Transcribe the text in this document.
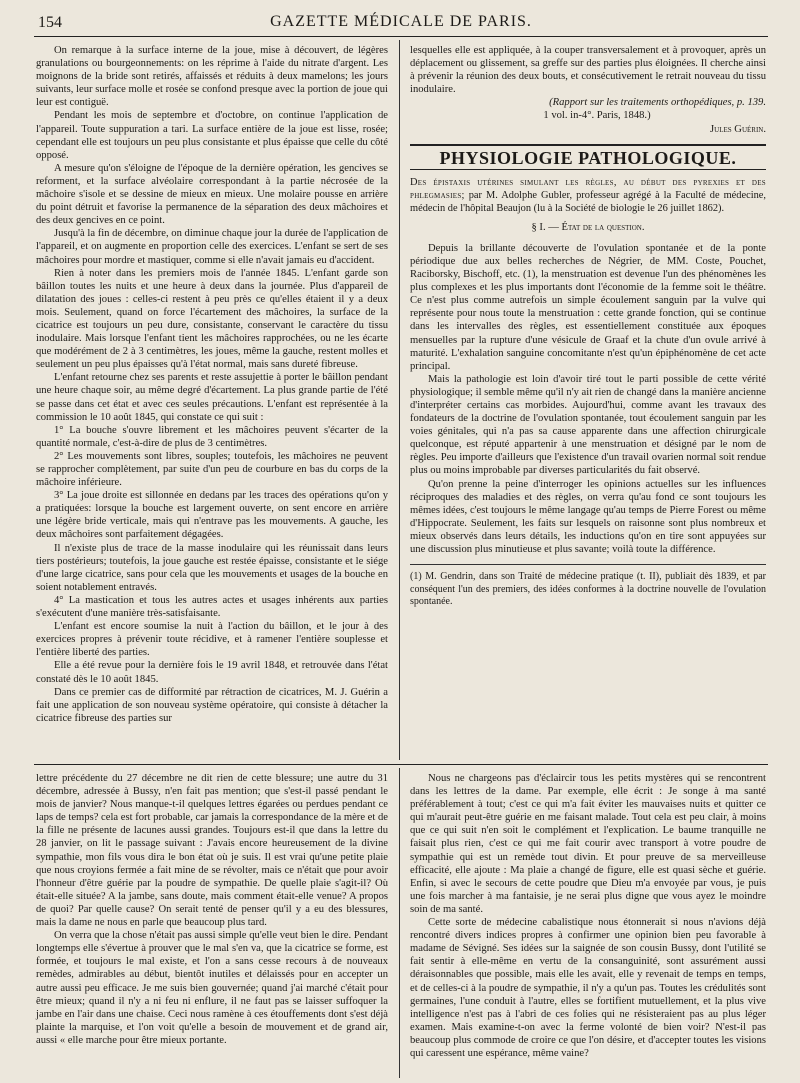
154	GAZETTE MÉDICALE DE PARIS.

On remarque à la surface interne de la joue, mise à découvert, de légères granulations ou bourgeonnements: on les réprime à l'aide du nitrate d'argent. Les moignons de la bride sont retirés, affaissés et réduits à deux mamelons; les jours suivants, leur surface molle et rosée se confond presque avec la portion de joue qui leur est contiguë.

Pendant les mois de septembre et d'octobre, on continue l'application de l'appareil. Toute suppuration a tari. La surface entière de la joue est lisse, rosée; cependant elle est toujours un peu plus consistante et plus épaisse que celle du côté opposé.

A mesure qu'on s'éloigne de l'époque de la dernière opération, les gencives se reforment, et la surface alvéolaire correspondant à la partie nécrosée de la mâchoire s'isole et se dessine de mieux en mieux. Une molaire pousse en arrière du point détruit et favorise la permanence de la séparation des deux mâchoires et des deux gencives en ce point.

Jusqu'à la fin de décembre, on diminue chaque jour la durée de l'application de l'appareil, et on augmente en proportion celle des exercices. L'enfant se sert de ses mâchoires pour mordre et mastiquer, comme si elle n'avait jamais eu d'accident.

Rien à noter dans les premiers mois de l'année 1845. L'enfant garde son bâillon toutes les nuits et une heure à deux dans la journée. Plus d'appareil de dilatation des joues : celles-ci restent à peu près ce qu'elles étaient il y a deux mois. Seulement, quand on force l'écartement des mâchoires, la surface de la cicatrice est toujours un peu dure, consistante, conservant le caractère du tissu inodulaire. Mais lorsque l'enfant tient les mâchoires rapprochées, ou ne les écarte que modérément de 2 à 3 centimètres, les joues, même la gauche, restent molles et seulement un peu plus épaisses qu'à l'état normal, mais sans dureté fibreuse.

L'enfant retourne chez ses parents et reste assujettie à porter le bâillon pendant une heure chaque soir, au même degré d'écartement. La plus grande partie de l'été se passe dans cet état et avec ces seules précautions. L'enfant est représentée à la commission le 10 août 1845, qui constate ce qui suit :

1° La bouche s'ouvre librement et les mâchoires peuvent s'écarter de la quantité normale, c'est-à-dire de plus de 3 centimètres.

2° Les mouvements sont libres, souples; toutefois, les mâchoires ne peuvent se rapprocher complètement, par suite d'un peu de courbure en bas du corps de la mâchoire inférieure.

3° La joue droite est sillonnée en dedans par les traces des opérations qu'on y a pratiquées: lorsque la bouche est largement ouverte, on sent encore en arrière une légère bride verticale, mais qui n'entrave pas les mouvements. A gauche, les deux mâchoires sont parfaitement dégagées.

Il n'existe plus de trace de la masse inodulaire qui les réunissait dans leurs tiers postérieurs; toutefois, la joue gauche est restée épaisse, consistante et le siége d'une large cicatrice, sans pour cela que les mouvements et usages de la bouche en soient notablement entravés.

4° La mastication et tous les autres actes et usages inhérents aux parties s'exécutent d'une manière très-satisfaisante.

L'enfant est encore soumise la nuit à l'action du bâillon, et le jour à des exercices propres à prévenir toute récidive, et à ramener l'entière souplesse et l'entière liberté des parties.

Elle a été revue pour la dernière fois le 19 avril 1848, et retrouvée dans l'état constaté dès le 10 août 1845.

Dans ce premier cas de difformité par rétraction de cicatrices, M. J. Guérin a fait une application de son nouveau système opératoire, qui consiste à détacher la cicatrice fibreuse des parties sur

lesquelles elle est appliquée, à la couper transversalement et à provoquer, après un déplacement ou glissement, sa greffe sur des parties plus éloignées. Il cherche ainsi à prévenir la réunion des deux bouts, et consécutivement le retrait nouveau du tissu inodulaire.

(Rapport sur les traitements orthopédiques, p. 139.

1 vol. in-4°. Paris, 1848.)

Jules Guérin.

PHYSIOLOGIE PATHOLOGIQUE.
Des épistaxis utérines simulant les règles, au début des pyrexies et des phlegmasies; par M. Adolphe Gubler, professeur agrégé à la Faculté de médecine, médecin de l'hôpital Beaujon (lu à la Société de biologie le 26 juillet 1862).
§ I. — État de la question.

Depuis la brillante découverte de l'ovulation spontanée et de la ponte périodique due aux belles recherches de Négrier, de MM. Coste, Pouchet, Raciborsky, Bischoff, etc. (1), la menstruation est devenue l'un des phénomènes les plus complexes et les plus importants dont l'économie de la femme soit le théâtre. Ce n'est plus comme autrefois un simple écoulement sanguin par la vulve qui représente pour nous toute la menstruation : cette grande fonction, qui se continue dans les intervalles des règles, est essentiellement constituée aux époques mensuelles par la rupture d'une vésicule de Graaf et la chute d'un ovule arrivé à maturité. L'exhalation sanguine concomitante n'est qu'un épiphénomène de cet acte principal.

Mais la pathologie est loin d'avoir tiré tout le parti possible de cette vérité physiologique; il semble même qu'il n'y ait rien de changé dans la manière ancienne d'interpréter certains cas morbides. Aujourd'hui, comme avant les travaux des fondateurs de la doctrine de l'ovulation spontanée, tout écoulement sanguin par les voies génitales, qui n'a pas sa cause apparente dans une affection chirurgicale quelconque, est réputé appartenir à une menstruation et désigné par le nom de règles. Peu importe d'ailleurs que l'existence d'un travail ovarien normal soit rendue plus ou moins improbable par diverses particularités du fait observé.

Qu'on prenne la peine d'interroger les opinions actuelles sur les influences réciproques des maladies et des règles, on verra qu'au fond ce sont toujours les mêmes idées, c'est toujours le même langage qu'au temps de Pierre Forest ou même d'Hippocrate. Seulement, les faits sur lesquels on raisonne sont plus nombreux et mieux observés dans leurs détails, les inductions qu'on en tire sont appuyées sur une discussion plus minutieuse et plus savante; voilà toute la différence.

(1) M. Gendrin, dans son Traité de médecine pratique (t. II), publiait dès 1839, et par conséquent l'un des premiers, des idées conformes à la doctrine nouvelle de l'ovulation spontanée.

lettre précédente du 27 décembre ne dit rien de cette blessure; une autre du 31 décembre, adressée à Bussy, n'en fait pas mention; que s'est-il passé pendant le mois de janvier? Nous manque-t-il quelques lettres égarées ou perdues pendant ce laps de temps? cela est fort probable, car jamais la correspondance de la mère et de la fille ne présente de lacunes aussi grandes. Toujours est-il que dans la lettre du 28 janvier, on lit le passage suivant : J'avais encore heureusement de la divine sympathie, mon fils vous dira le bon état où je suis. Il est vrai qu'une petite plaie que nous croyions fermée a fait mine de se révolter, mais ce n'était que pour avoir l'honneur d'être guérie par la poudre de sympathie. De quelle plaie s'agit-il? Où était-elle située? A la jambe, sans doute, mais comment était-elle venue? A propos de quoi? Par quelle cause? On serait tenté de penser qu'il y a eu des blessures, mais la dame ne nous en parle que beaucoup plus tard.

On verra que la chose n'était pas aussi simple qu'elle veut bien le dire. Pendant longtemps elle s'évertue à prouver que le mal s'en va, que la cicatrice se forme, est formée, et toujours le mal existe, et l'on a sans cesse recours à de nouveaux remèdes, admirables au début, bientôt inutiles et délaissés pour en accepter un autre aussi peu efficace. Je me suis bien gouvernée; quand j'ai marché c'était pour être mieux; quand il n'y a ni feu ni enflure, il ne faut pas se laisser suffoquer la jambe en l'air dans une chaise. Ceci nous ramène à ces étouffements dont s'est déjà plainte la marquise, et l'on voit qu'elle a besoin de mouvement et de grand air, aussi « elle marche pour être mieux portante.

Nous ne chargeons pas d'éclaircir tous les petits mystères qui se rencontrent dans les lettres de la dame. Par exemple, elle écrit : Je songe à ma santé préférablement à tout; c'est ce qui m'a fait éviter les mauvaises nuits et quitter ce qui m'aurait peut-être guérie en me faisant malade. Tout cela est peu clair, à moins que ce qui suit n'en soit le complément et l'explication. Le baume tranquille ne faisait plus rien, c'est ce qui me fait courir avec transport à votre poudre de sympathie qui est un remède tout divin. Et pour preuve de sa merveilleuse efficacité, elle ajoute : Ma plaie a changé de figure, elle est quasi sèche et guérie. Enfin, si avec le secours de cette poudre que Dieu m'a envoyée par vous, je puis une fois marcher à ma fantaisie, je ne serai plus digne que vous ayez le moindre soin de ma santé.

Cette sorte de médecine cabalistique nous étonnerait si nous n'avions déjà rencontré divers indices propres à confirmer une opinion bien peu favorable à madame de Sévigné. Ses idées sur la saignée de son cousin Bussy, dont l'utilité se fait sentir à elle-même en vertu de la consanguinité, sont assurément aussi déraisonnables que possible, mais elle les avait, elle y revenait de temps en temps, et de celles-ci à la poudre de sympathie, il n'y a qu'un pas. Toutes les crédulités sont germaines, l'une conduit à l'autre, elles se fortifient mutuellement, et la plus vive intelligence n'est pas à l'abri de ces folies qui ne résisteraient pas au plus léger examen. Mais examine-t-on avec la ferme volonté de bien voir? N'est-il pas beaucoup plus commode de croire ce que l'on désire, et d'accepter toutes les visions qui caressent une espérance, même vaine?
